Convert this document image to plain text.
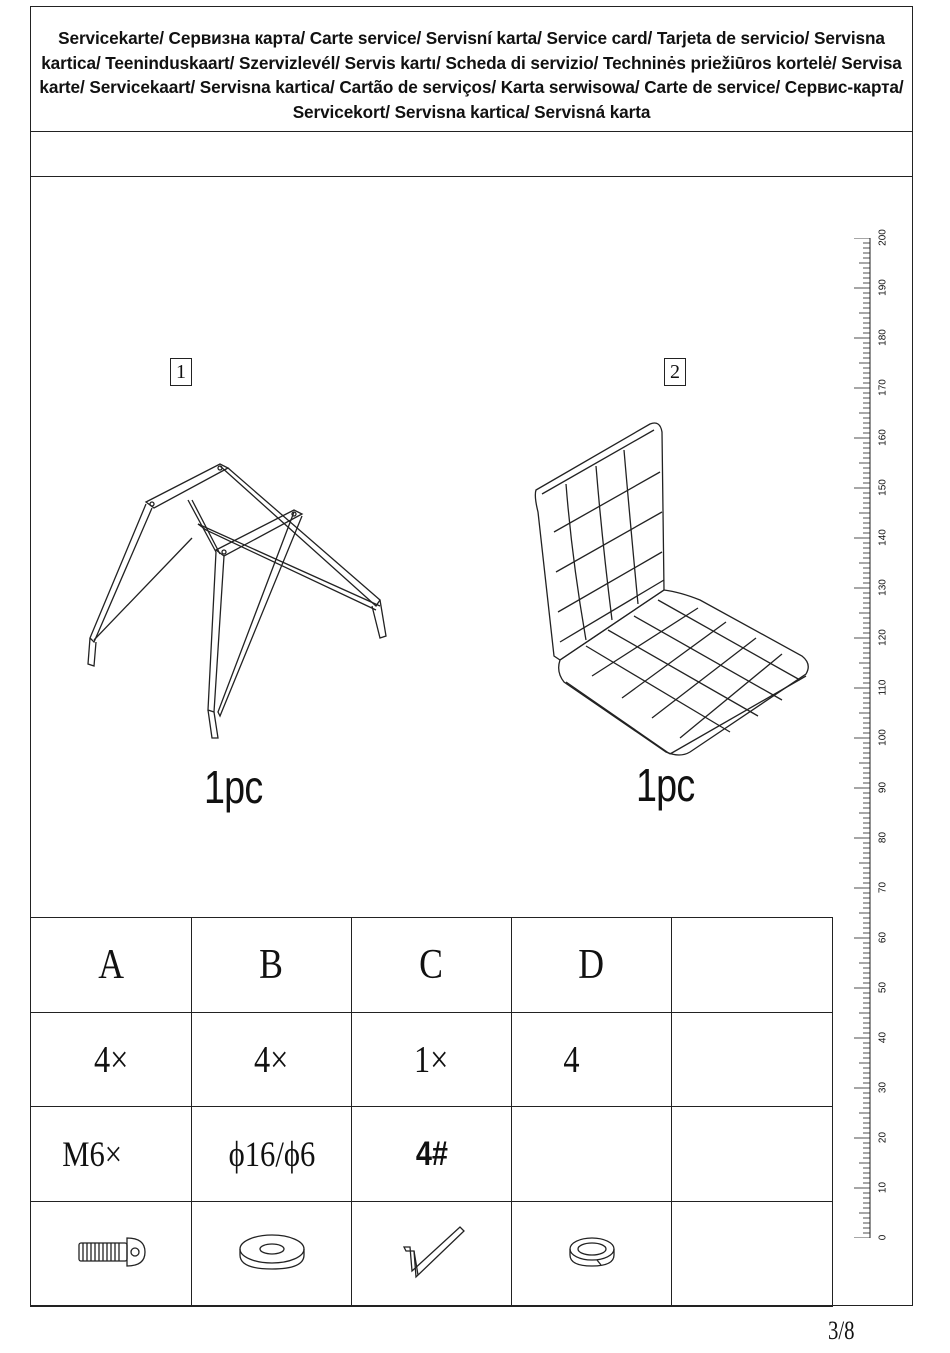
Servicekarte/ Сервизна карта/ Carte service/ Servisní karta/ Service card/ Tarjeta de servicio/ Servisna kartica/ Teeninduskaart/ Szervizlevél/ Servis kartı/ Scheda di servizio/ Techninės priežiūros kortelė/ Servisa karte/ Servicekaart/ Servisna kartica/ Cartão de serviços/ Karta serwisowa/ Carte de service/ Сервис-карта/ Servicekort/ Servisna kartica/ Servisná karta
1
1pc
2
1pc
A	B	C	D	
4×	4×	1×	4	
M6×	ϕ16/ϕ6	4#		

200
190
180
170
160
150
140
130
120
110
100
90
80
70
60
50
40
30
20
10
0
3/8
